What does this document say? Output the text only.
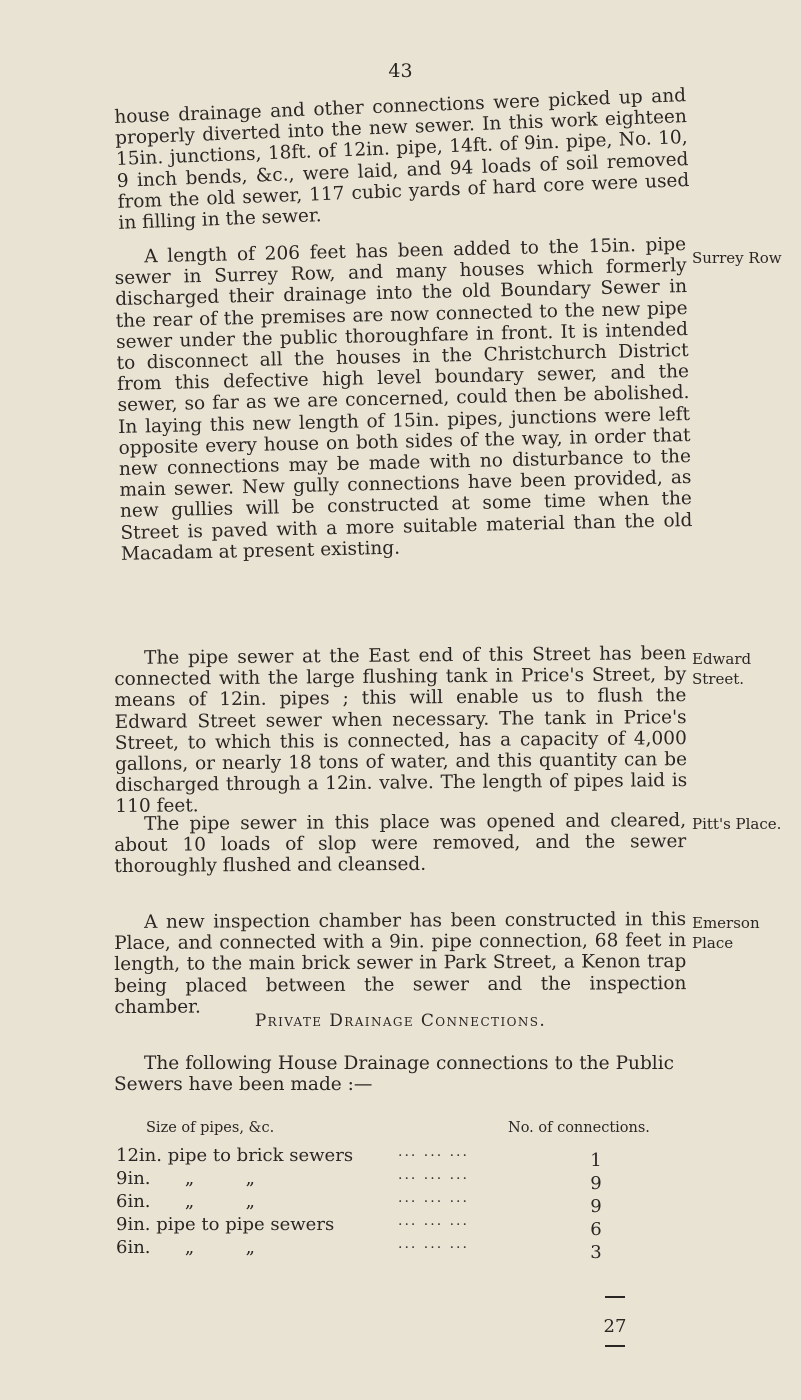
43

house drainage and other connections were picked up and properly diverted into the new sewer. In this work eighteen 15in. junctions, 18ft. of 12in. pipe, 14ft. of 9in. pipe, No. 10, 9 inch bends, &c., were laid, and 94 loads of soil removed from the old sewer, 117 cubic yards of hard core were used in filling in the sewer.

A length of 206 feet has been added to the 15in. pipe sewer in Surrey Row, and many houses which formerly discharged their drainage into the old Boundary Sewer in the rear of the premises are now connected to the new pipe sewer under the public thoroughfare in front. It is intended to disconnect all the houses in the Christchurch District from this defective high level boundary sewer, and the sewer, so far as we are concerned, could then be abolished. In laying this new length of 15in. pipes, junctions were left opposite every house on both sides of the way, in order that new connections may be made with no disturbance to the main sewer. New gully connections have been provided, as new gullies will be constructed at some time when the Street is paved with a more suitable material than the old Macadam at present existing.

Surrey Row

The pipe sewer at the East end of this Street has been connected with the large flushing tank in Price's Street, by means of 12in. pipes ; this will enable us to flush the Edward Street sewer when necessary. The tank in Price's Street, to which this is connected, has a capacity of 4,000 gallons, or nearly 18 tons of water, and this quantity can be discharged through a 12in. valve. The length of pipes laid is 110 feet.

Edward
Street.

The pipe sewer in this place was opened and cleared, about 10 loads of slop were removed, and the sewer thoroughly flushed and cleansed.

Pitt's Place.

A new inspection chamber has been constructed in this Place, and connected with a 9in. pipe connection, 68 feet in length, to the main brick sewer in Park Street, a Kenon trap being placed between the sewer and the inspection chamber.

Emerson
Place
Private Drainage Connections.

The following House Drainage connections to the Public Sewers have been made :—

Size of pipes, &c.	No. of connections.
12in. pipe to brick sewers	... ... ...	1
9in.      „         „	... ... ...	9
6in.      „         „	... ... ...	9
9in. pipe to pipe sewers	... ... ...	6
6in.      „         „	... ... ...	3
27
